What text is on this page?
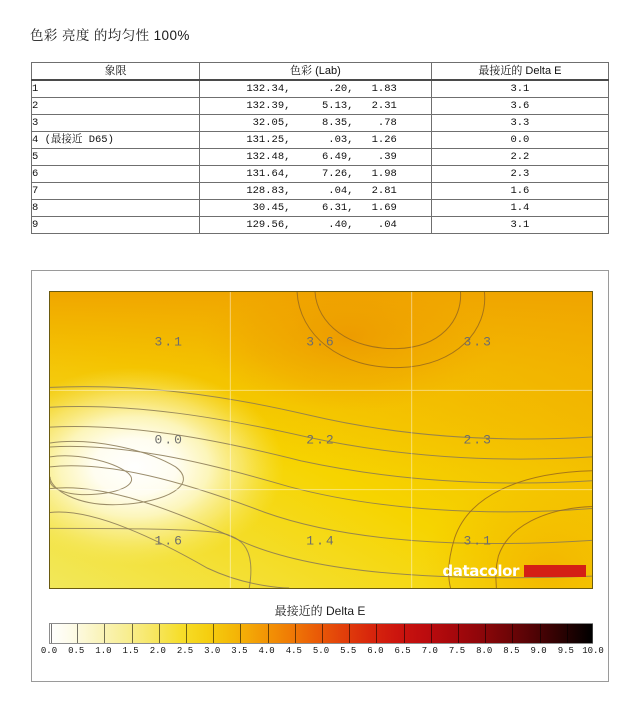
色彩 亮度 的均匀性 100%
象限	色彩 (Lab)	最接近的 Delta E
1	132.34, .20, 1.83	3.1
2	132.39, 5.13, 2.31	3.6
3	32.05, 8.35, .78	3.3
4 (最接近 D65)	131.25, .03, 1.26	0.0
5	132.48, 6.49, .39	2.2
6	131.64, 7.26, 1.98	2.3
7	128.83, .04, 2.81	1.6
8	30.45, 6.31, 1.69	1.4
9	129.56, .40, .04	3.1
3.1	3.6	3.3
0.0	2.2	2.3
1.6	1.4	3.1
datacolor
最接近的 Delta E
0.0 0.5 1.0 1.5 2.0 2.5 3.0 3.5 4.0 4.5 5.0 5.5 6.0 6.5 7.0 7.5 8.0 8.5 9.0 9.5 10.0
